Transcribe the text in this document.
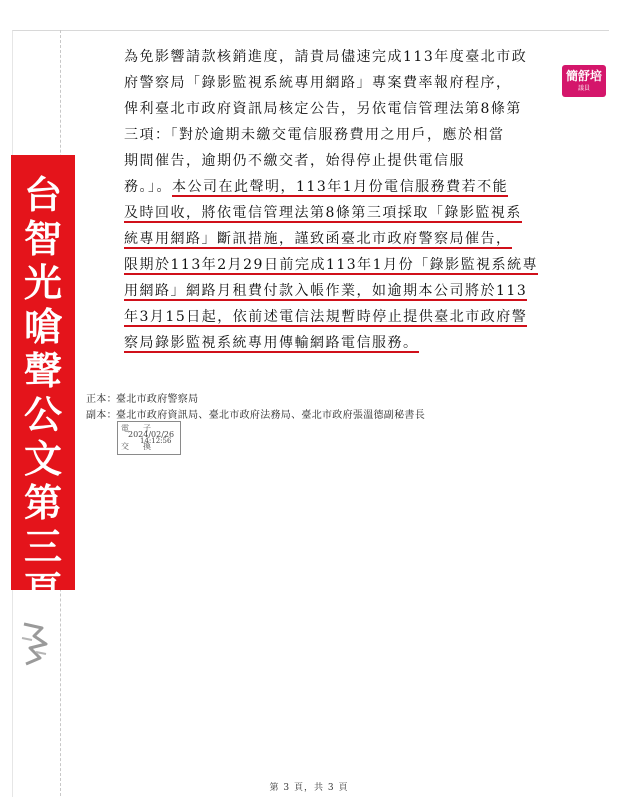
台
智
光
嗆
聲
公
文
第
三
頁
簡舒培
議員
為免影響請款核銷進度，請貴局儘速完成113年度臺北市政
府警察局「錄影監視系統專用網路」專案費率報府程序，
俾利臺北市政府資訊局核定公告，另依電信管理法第8條第
三項：「對於逾期未繳交電信服務費用之用戶，應於相當
期間催告，逾期仍不繳交者，始得停止提供電信服
務。」。本公司在此聲明，113年1月份電信服務費若不能
及時回收，將依電信管理法第8條第三項採取「錄影監視系
統專用網路」斷訊措施，謹致函臺北市政府警察局催告，
限期於113年2月29日前完成113年1月份「錄影監視系統專
用網路」網路月租費付款入帳作業，如逾期本公司將於113
年3月15日起，依前述電信法規暫時停止提供臺北市政府警
察局錄影監視系統專用傳輸網路電信服務。
正本： 臺北市政府警察局
副本： 臺北市政府資訊局、臺北市政府法務局、臺北市政府張溫德副秘書長
電子
2024/02/26
14:12:56
交換
第 3 頁，共 3 頁
